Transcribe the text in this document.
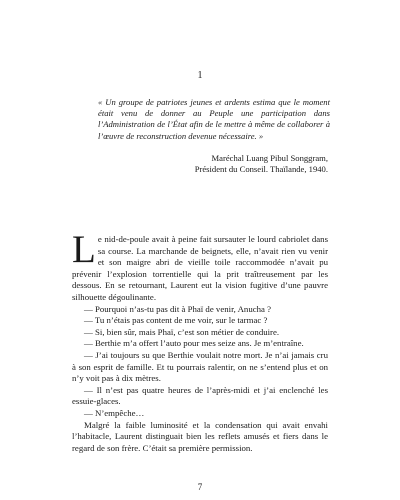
1
« Un groupe de patriotes jeunes et ardents estima que le moment était venu de donner au Peuple une participation dans l’Administration de l’État afin de le mettre à même de collaborer à l’œuvre de reconstruction devenue nécessaire. »
Maréchal Luang Pibul Songgram,
Président du Conseil. Thaïlande, 1940.

Le nid-de-poule avait à peine fait sursauter le lourd cabriolet dans sa course. La marchande de beignets, elle, n’avait rien vu venir et son maigre abri de vieille toile raccommodée n’avait pu prévenir l’explosion torrentielle qui la prit traîtreusement par les dessous. En se retournant, Laurent eut la vision fugitive d’une pauvre silhouette dégoulinante.

— Pourquoi n’as-tu pas dit à Phaï de venir, Anucha ?

— Tu n’étais pas content de me voir, sur le tarmac ?

— Si, bien sûr, mais Phaï, c’est son métier de conduire.

— Berthie m’a offert l’auto pour mes seize ans. Je m’entraîne.

— J’ai toujours su que Berthie voulait notre mort. Je n’ai jamais cru à son esprit de famille. Et tu pourrais ralentir, on ne s’entend plus et on n’y voit pas à dix mètres.

— Il n’est pas quatre heures de l’après-midi et j’ai enclenché les essuie-glaces.

— N’empêche…

Malgré la faible luminosité et la condensation qui avait envahi l’habitacle, Laurent distinguait bien les reflets amusés et fiers dans le regard de son frère. C’était sa première permission.

7
